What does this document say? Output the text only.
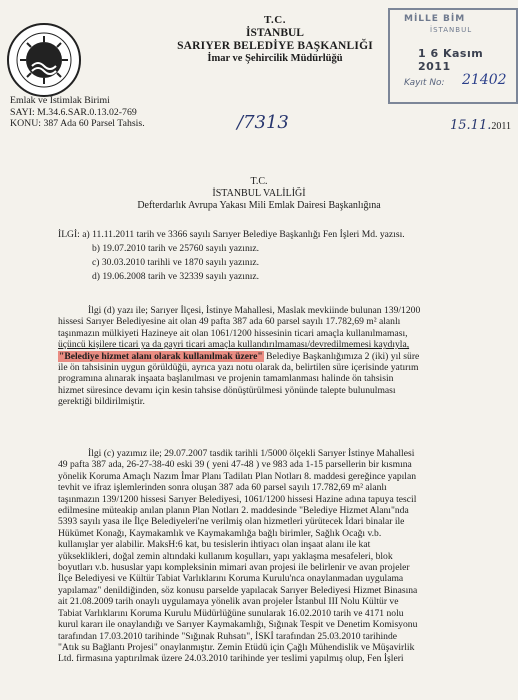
T.C.
İSTANBUL
SARIYER BELEDİYE BAŞKANLIĞI
İmar ve Şehircilik Müdürlüğü
MİLLE BİM
İSTANBUL
1 6 Kasım 2011
Kayıt No: 21402
Emlak ve İstimlak Birimi
SAYI: M.34.6.SAR.0.13.02-769
KONU: 387 Ada 60 Parsel Tahsis.	/7313	15.11.2011
T.C.
İSTANBUL VALİLİĞİ
Defterdarlık Avrupa Yakası Mili Emlak Dairesi Başkanlığına
İLGİ: a) 11.11.2011 tarih ve 3366 sayılı Sarıyer Belediye Başkanlığı Fen İşleri Md. yazısı.
b) 19.07.2010 tarih ve 25760 sayılı yazınız.
c) 30.03.2010 tarihli ve 1870 sayılı yazınız.
d) 19.06.2008 tarih ve 32339 sayılı yazınız.
İlgi (d) yazı ile; Sarıyer İlçesi, İstinye Mahallesi, Maslak mevkiinde bulunan 139/1200
hissesi Sarıyer Belediyesine ait olan 49 pafta 387 ada 60 parsel sayılı 17.782,69 m² alanlı
taşınmazın mülkiyeti Hazineye ait olan 1061/1200 hissesinin ticari amaçla kullanılmaması,
üçüncü kişilere ticari ya da gayri ticari amaçla kullandırılmaması/devredilmemesi kaydıyla,
"Belediye hizmet alanı olarak kullanılmak üzere" Belediye Başkanlığımıza 2 (iki) yıl süre
ile ön tahsisinin uygun görüldüğü, ayrıca yazı notu olarak da, belirtilen süre içerisinde yatırım
programına alınarak inşaata başlanılması ve projenin tamamlanması halinde ön tahsisin
hizmet süresince devamı için kesin tahsise dönüştürülmesi yönünde talepte bulunulması
gerektiği bildirilmiştir.
İlgi (c) yazımız ile; 29.07.2007 tasdik tarihli 1/5000 ölçekli Sarıyer İstinye Mahallesi
49 pafta 387 ada, 26-27-38-40 eski 39 ( yeni 47-48 ) ve 983 ada 1-15 parsellerin bir kısmına
yönelik Koruma Amaçlı Nazım İmar Planı Tadilatı Plan Notları 8. maddesi gereğince yapılan
tevhit ve ifraz işlemlerinden sonra oluşan 387 ada 60 parsel sayılı 17.782,69 m² alanlı
taşınmazın 139/1200 hissesi Sarıyer Belediyesi, 1061/1200 hissesi Hazine adına tapuya tescil
edilmesine müteakip anılan planın Plan Notları 2. maddesinde "Belediye Hizmet Alanı"nda
5393 sayılı yasa ile İlçe Belediyeleri'ne verilmiş olan hizmetleri yürütecek İdari binalar ile
Hükümet Konağı, Kaymakamlık ve Kaymakamlığa bağlı birimler, Sağlık Ocağı v.b.
kullanışlar yer alabilir. MaksH:6 kat, bu tesislerin ihtiyacı olan inşaat alanı ile kat
yükseklikleri, doğal zemin altındaki kullanım koşulları, yapı yaklaşma mesafeleri, blok
boyutları v.b. hususlar yapı kompleksinin mimari avan projesi ile belirlenir ve avan projeler
İlçe Belediyesi ve Kültür Tabiat Varlıklarını Koruma Kurulu'nca onaylanmadan uygulama
yapılamaz" denildiğinden, söz konusu parselde yapılacak Sarıyer Belediyesi Hizmet Binasına
ait 21.08.2009 tarih onaylı uygulamaya yönelik avan projeler İstanbul III Nolu Kültür ve
Tabiat Varlıklarını Koruma Kurulu Müdürlüğüne sunularak 16.02.2010 tarih ve 4171 nolu
kurul kararı ile onaylandığı ve Sarıyer Kaymakamlığı, Sığınak Tespit ve Denetim Komisyonu
tarafından 17.03.2010 tarihinde "Sığınak Ruhsatı", İSKİ tarafından 25.03.2010 tarihinde
"Atık su Bağlantı Projesi" onaylanmıştır. Zemin Etüdü için Çağlı Mühendislik ve Müşavirlik
Ltd. firmasına yaptırılmak üzere 24.03.2010 tarihinde yer teslimi yapılmış olup, Fen İşleri
